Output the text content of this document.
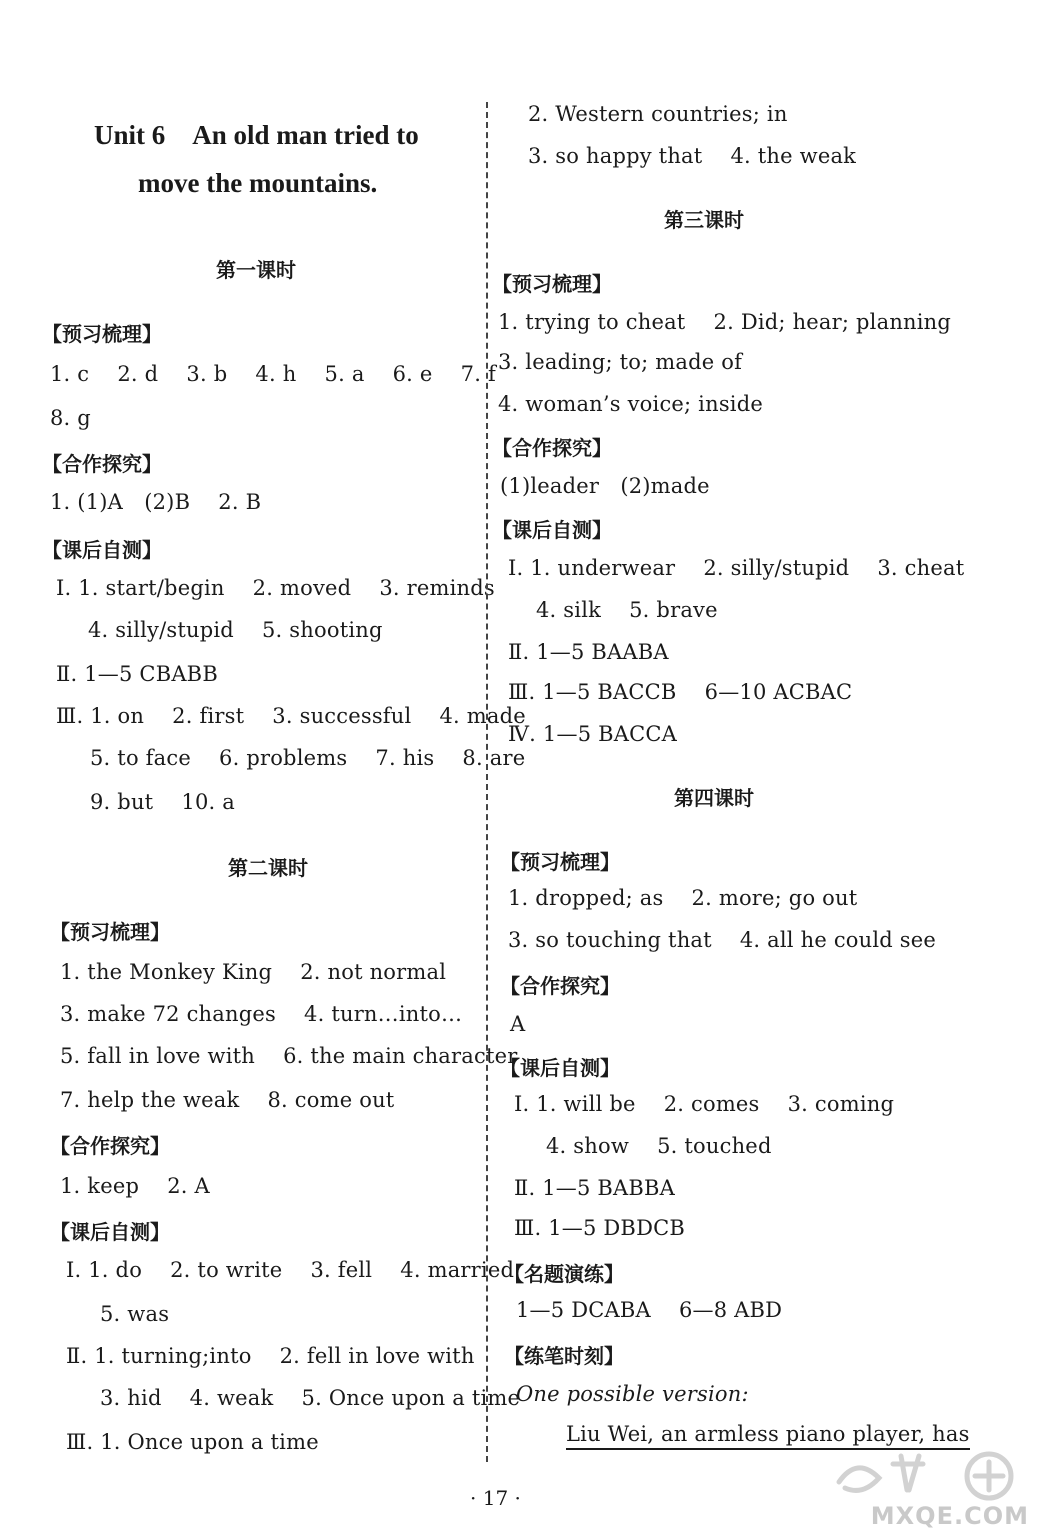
Unit 6 An old man tried to
move the mountains.
第一课时
【预习梳理】
1. c  2. d  3. b  4. h  5. a  6. e  7. f
8. g
【合作探究】
1. (1)A (2)B  2. B
【课后自测】
Ⅰ. 1. start/begin  2. moved  3. reminds
4. silly/stupid  5. shooting
Ⅱ. 1—5 CBABB
Ⅲ. 1. on  2. first  3. successful  4. made
5. to face  6. problems  7. his  8. are
9. but  10. a
第二课时
【预习梳理】
1. the Monkey King  2. not normal
3. make 72 changes  4. turn…into…
5. fall in love with  6. the main character
7. help the weak  8. come out
【合作探究】
1. keep  2. A
【课后自测】
Ⅰ. 1. do  2. to write  3. fell  4. married
5. was
Ⅱ. 1. turning;into  2. fell in love with
3. hid  4. weak  5. Once upon a time
Ⅲ. 1. Once upon a time
2. Western countries; in
3. so happy that  4. the weak
第三课时
【预习梳理】
1. trying to cheat  2. Did; hear; planning
3. leading; to; made of
4. woman’s voice; inside
【合作探究】
(1)leader (2)made
【课后自测】
Ⅰ. 1. underwear  2. silly/stupid  3. cheat
4. silk  5. brave
Ⅱ. 1—5 BAABA
Ⅲ. 1—5 BACCB  6—10 ACBAC
Ⅳ. 1—5 BACCA
第四课时
【预习梳理】
1. dropped; as  2. more; go out
3. so touching that  4. all he could see
【合作探究】
A
【课后自测】
Ⅰ. 1. will be  2. comes  3. coming
4. show  5. touched
Ⅱ. 1—5 BABBA
Ⅲ. 1—5 DBDCB
【名题演练】
1—5 DCABA  6—8 ABD
【练笔时刻】
One possible version:
Liu Wei, an armless piano player, has
· 17 ·
MXQE.COM
